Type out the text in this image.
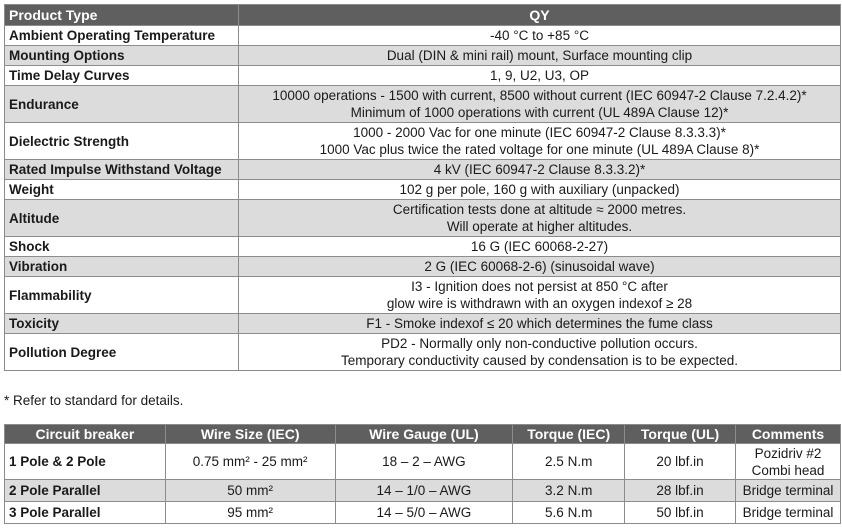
Product Type	QY
Ambient Operating Temperature	-40 °C to +85 °C

Mounting Options	Dual (DIN & mini rail) mount, Surface mounting clip

Time Delay Curves	1, 9, U2, U3, OP

Endurance	10000 operations - 1500 with current, 8500 without current (IEC 60947-2 Clause 7.2.4.2)*
Minimum of 1000 operations with current (UL 489A Clause 12)*

Dielectric Strength	1000 - 2000 Vac for one minute (IEC 60947-2 Clause 8.3.3.3)*
1000 Vac plus twice the rated voltage for one minute (UL 489A Clause 8)*

Rated Impulse Withstand Voltage	4 kV (IEC 60947-2 Clause 8.3.3.2)*

Weight	102 g per pole, 160 g with auxiliary (unpacked)

Altitude	Certification tests done at altitude ≈ 2000 metres.
Will operate at higher altitudes.

Shock	16 G (IEC 60068-2-27)

Vibration	2 G (IEC 60068-2-6) (sinusoidal wave)

Flammability	I3 - Ignition does not persist at 850 °C after
glow wire is withdrawn with an oxygen indexof ≥ 28

Toxicity	F1 - Smoke indexof ≤ 20 which determines the fume class

Pollution Degree	PD2 - Normally only non-conductive pollution occurs.
Temporary conductivity caused by condensation is to be expected.
* Refer to standard for details.
Circuit breaker	Wire Size (IEC)	Wire Gauge (UL)	Torque (IEC)	Torque (UL)	Comments
1 Pole & 2 Pole	0.75 mm² - 25 mm²	18 – 2 – AWG	2.5 N.m	20 lbf.in	Pozidriv #2
Combi head

2 Pole Parallel	50 mm²	14 – 1/0 – AWG	3.2 N.m	28 lbf.in	Bridge terminal

3 Pole Parallel	95 mm²	14 – 5/0 – AWG	5.6 N.m	50 lbf.in	Bridge terminal
